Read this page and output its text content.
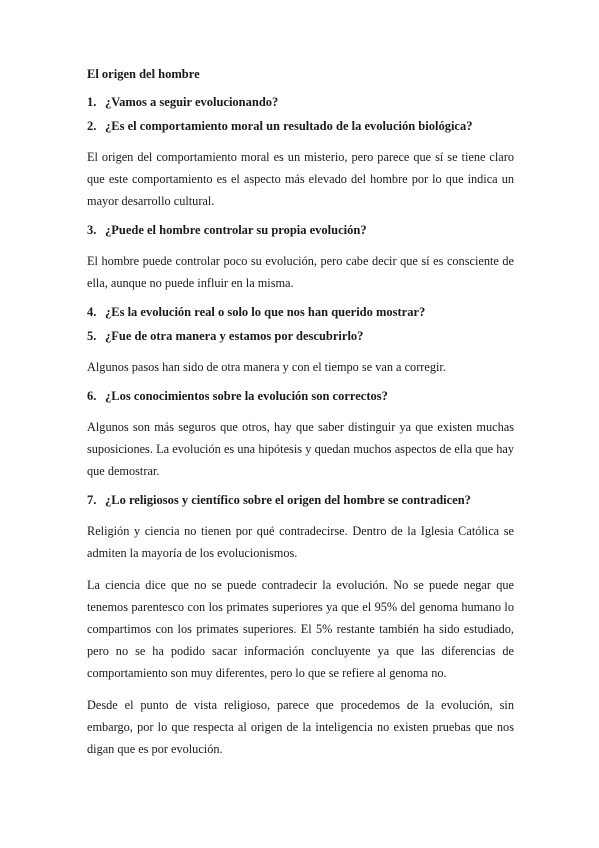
El origen del hombre
1. ¿Vamos a seguir evolucionando?
2. ¿Es el comportamiento moral un resultado de la evolución biológica?

El origen del comportamiento moral es un misterio, pero parece que sí se tiene claro que este comportamiento es el aspecto más elevado del hombre por lo que indica un mayor desarrollo cultural.

3. ¿Puede el hombre controlar su propia evolución?

El hombre puede controlar poco su evolución, pero cabe decir que sí es consciente de ella, aunque no puede influir en la misma.

4. ¿Es la evolución real o solo lo que nos han querido mostrar?
5. ¿Fue de otra manera y estamos por descubrirlo?

Algunos pasos han sido de otra manera y con el tiempo se van a corregir.

6. ¿Los conocimientos sobre la evolución son correctos?

Algunos son más seguros que otros, hay que saber distinguir ya que existen muchas suposiciones. La evolución es una hipótesis y quedan muchos aspectos de ella que hay que demostrar.

7. ¿Lo religiosos y científico sobre el origen del hombre se contradicen?

Religión y ciencia no tienen por qué contradecirse. Dentro de la Iglesia Católica se admiten la mayoría de los evolucionismos.

La ciencia dice que no se puede contradecir la evolución. No se puede negar que tenemos parentesco con los primates superiores ya que el 95% del genoma humano lo compartimos con los primates superiores. El 5% restante también ha sido estudiado, pero no se ha podido sacar información concluyente ya que las diferencias de comportamiento son muy diferentes, pero lo que se refiere al genoma no.

Desde el punto de vista religioso, parece que procedemos de la evolución, sin embargo, por lo que respecta al origen de la inteligencia no existen pruebas que nos digan que es por evolución.
